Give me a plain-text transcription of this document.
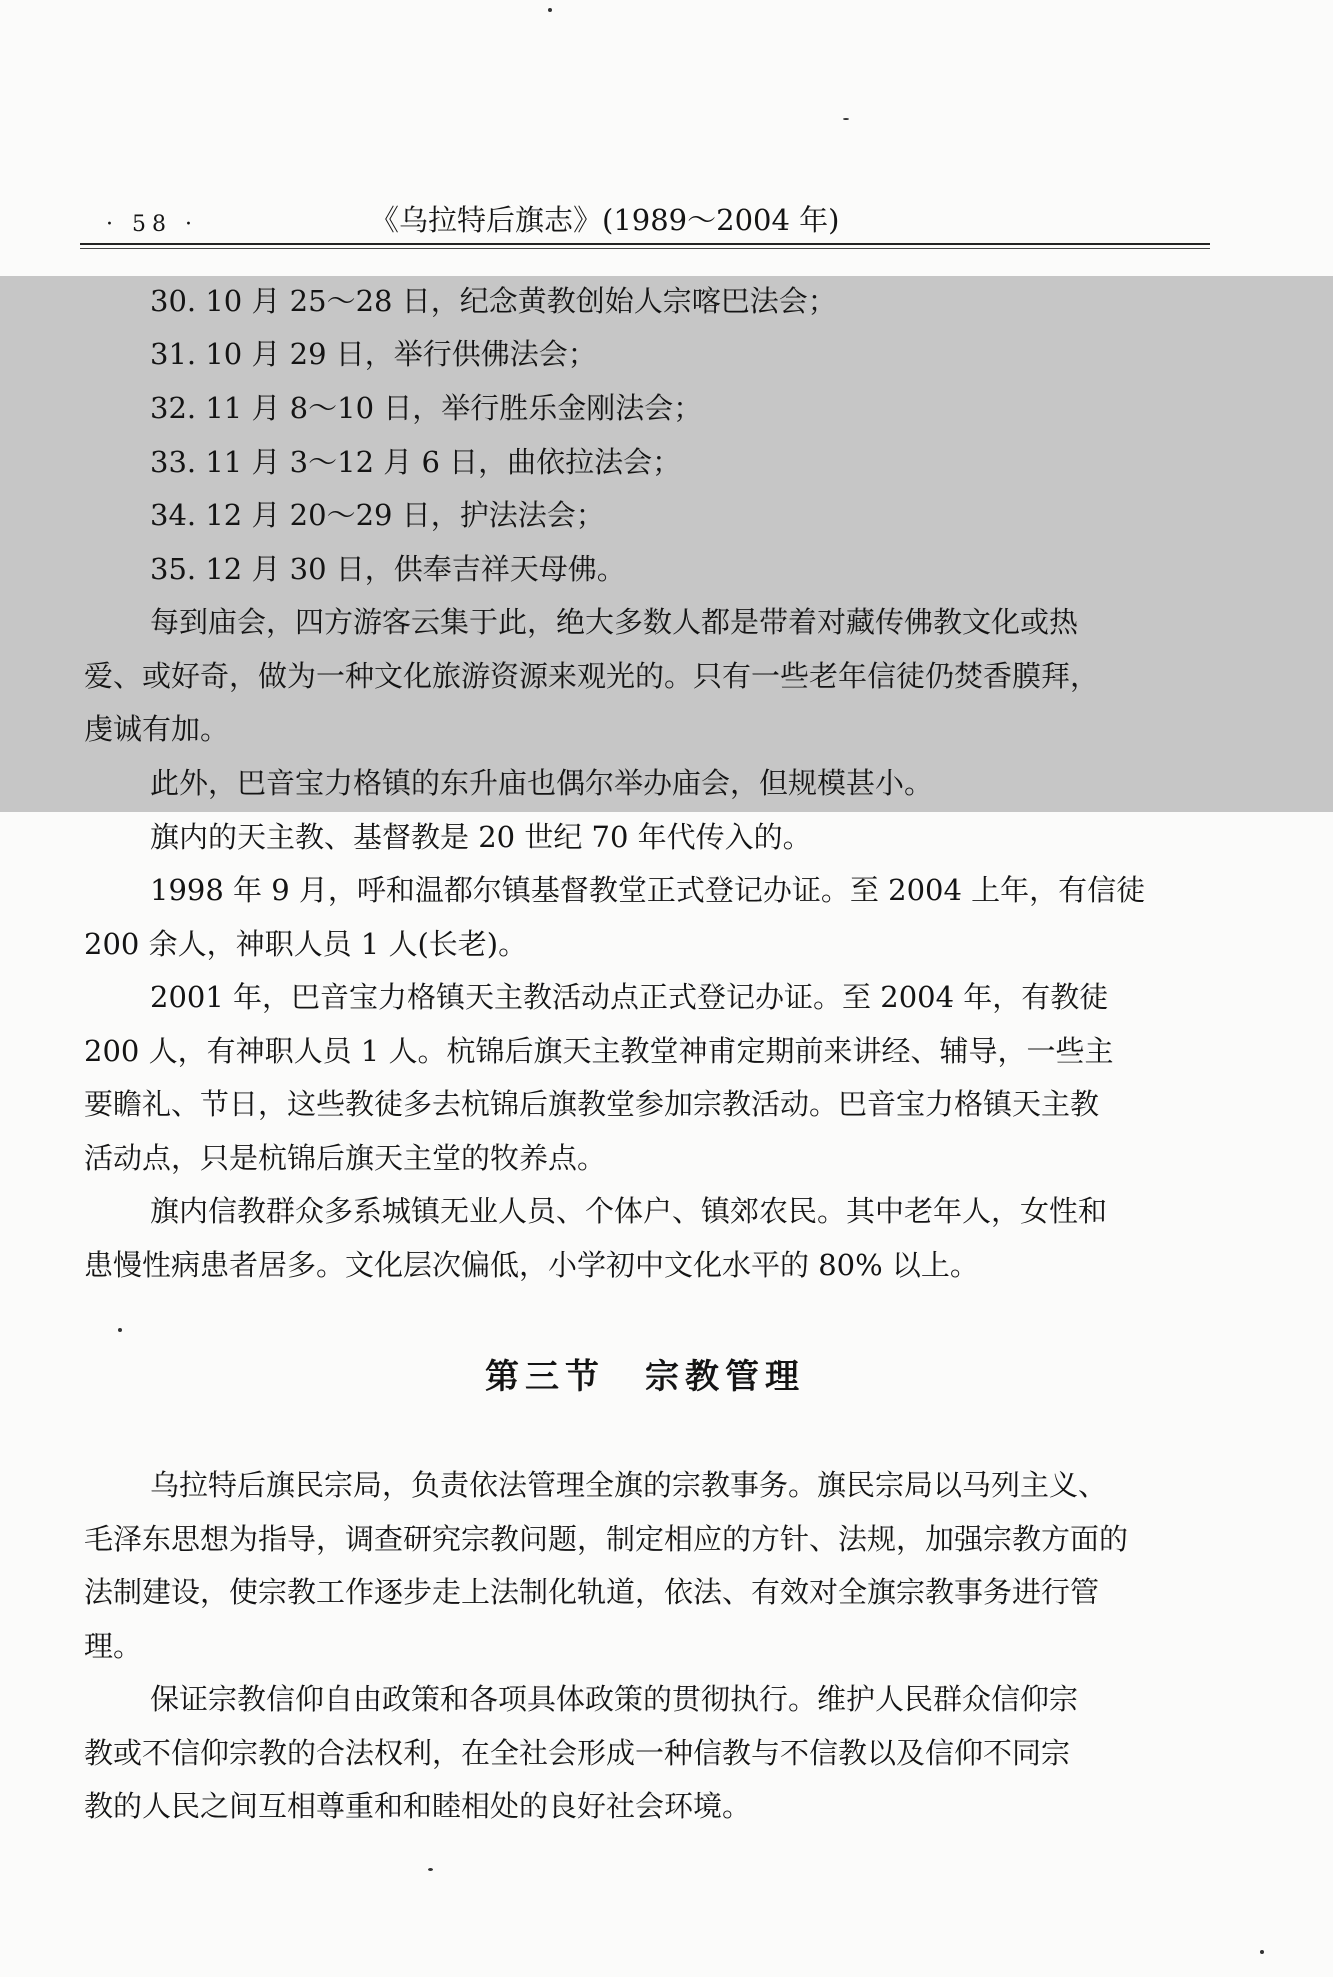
· 58 ·	《乌拉特后旗志》(1989～2004 年)
30. 10 月 25～28 日，纪念黄教创始人宗喀巴法会；
31. 10 月 29 日，举行供佛法会；
32. 11 月 8～10 日，举行胜乐金刚法会；
33. 11 月 3～12 月 6 日，曲依拉法会；
34. 12 月 20～29 日，护法法会；
35. 12 月 30 日，供奉吉祥天母佛。
每到庙会，四方游客云集于此，绝大多数人都是带着对藏传佛教文化或热
爱、或好奇，做为一种文化旅游资源来观光的。只有一些老年信徒仍焚香膜拜，
虔诚有加。
此外，巴音宝力格镇的东升庙也偶尔举办庙会，但规模甚小。
旗内的天主教、基督教是 20 世纪 70 年代传入的。
1998 年 9 月，呼和温都尔镇基督教堂正式登记办证。至 2004 上年，有信徒
200 余人，神职人员 1 人(长老)。
2001 年，巴音宝力格镇天主教活动点正式登记办证。至 2004 年，有教徒
200 人，有神职人员 1 人。杭锦后旗天主教堂神甫定期前来讲经、辅导，一些主
要瞻礼、节日，这些教徒多去杭锦后旗教堂参加宗教活动。巴音宝力格镇天主教
活动点，只是杭锦后旗天主堂的牧养点。
旗内信教群众多系城镇无业人员、个体户、镇郊农民。其中老年人，女性和
患慢性病患者居多。文化层次偏低，小学初中文化水平的 80% 以上。
第三节　宗教管理
乌拉特后旗民宗局，负责依法管理全旗的宗教事务。旗民宗局以马列主义、
毛泽东思想为指导，调查研究宗教问题，制定相应的方针、法规，加强宗教方面的
法制建设，使宗教工作逐步走上法制化轨道，依法、有效对全旗宗教事务进行管
理。
保证宗教信仰自由政策和各项具体政策的贯彻执行。维护人民群众信仰宗
教或不信仰宗教的合法权利，在全社会形成一种信教与不信教以及信仰不同宗
教的人民之间互相尊重和和睦相处的良好社会环境。
